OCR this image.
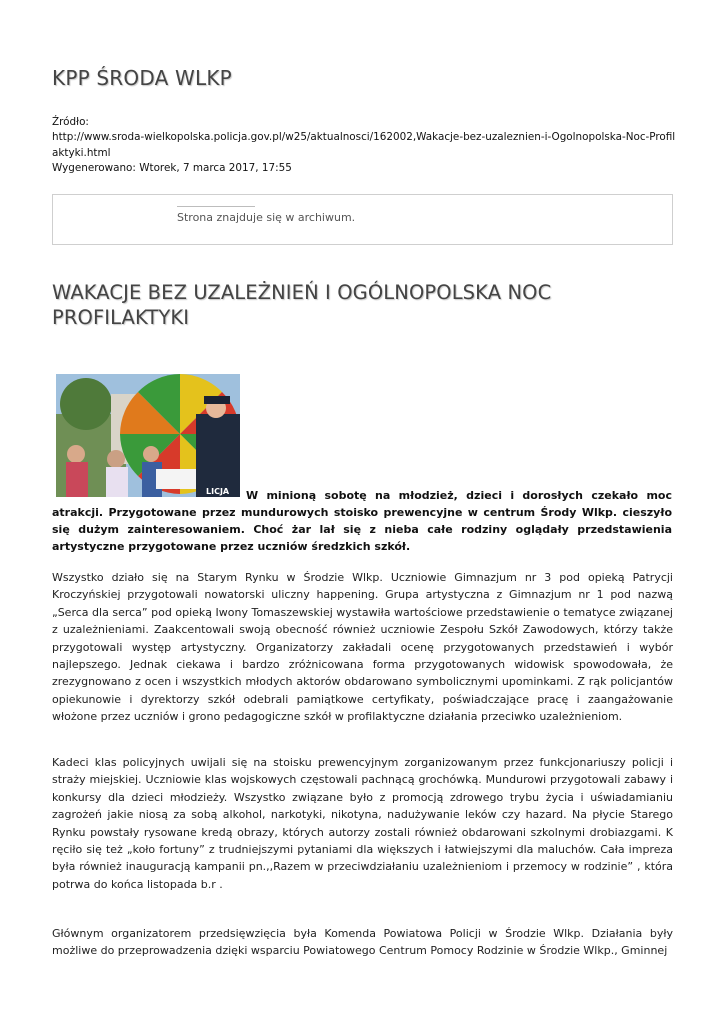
KPP ŚRODA WLKP
Źródło:
http://www.sroda-wielkopolska.policja.gov.pl/w25/aktualnosci/162002,Wakacje-bez-uzaleznien-i-Ogolnopolska-Noc-Profilaktyki.html
Wygenerowano: Wtorek, 7 marca 2017, 17:55
Strona znajduje się w archiwum.
WAKACJE BEZ UZALEŻNIEŃ I OGÓLNOPOLSKA NOC PROFILAKTYKI
LICJA	W minioną sobotę na młodzież, dzieci i dorosłych czekało moc atrakcji. Przygotowane przez mundurowych stoisko prewencyjne w centrum Środy Wlkp. cieszyło się dużym zainteresowaniem. Choć żar lał się z nieba całe rodziny oglądały przedstawienia artystyczne przygotowane przez uczniów średzkich szkół.

Wszystko działo się na Starym Rynku w Środzie Wlkp. Uczniowie Gimnazjum nr 3 pod opieką Patrycji Kroczyńskiej przygotowali nowatorski uliczny happening. Grupa artystyczna z Gimnazjum nr 1 pod nazwą „Serca dla serca” pod opieką Iwony Tomaszewskiej wystawiła wartościowe przedstawienie o tematyce związanej z uzależnieniami. Zaakcentowali swoją obecność również uczniowie Zespołu Szkół Zawodowych, którzy także przygotowali występ artystyczny. Organizatorzy zakładali ocenę przygotowanych przedstawień i wybór najlepszego. Jednak ciekawa i bardzo zróżnicowana forma przygotowanych widowisk spowodowała, że zrezygnowano z ocen i wszystkich młodych aktorów obdarowano symbolicznymi upominkami. Z rąk policjantów opiekunowie i dyrektorzy szkół odebrali pamiątkowe certyfikaty, poświadczające pracę i zaangażowanie włożone przez uczniów i grono pedagogiczne szkół w profilaktyczne działania przeciwko uzależnieniom.

Kadeci klas policyjnych uwijali się na stoisku prewencyjnym zorganizowanym przez funkcjonariuszy policji i straży miejskiej. Uczniowie klas wojskowych częstowali pachnącą grochówką. Mundurowi przygotowali zabawy i konkursy dla dzieci młodzieży. Wszystko związane było z promocją zdrowego trybu życia i uświadamianiu zagrożeń jakie niosą za sobą alkohol, narkotyki, nikotyna, nadużywanie leków czy hazard. Na płycie Starego Rynku powstały rysowane kredą obrazy, których autorzy zostali również obdarowani szkolnymi drobiazgami. K ręciło się też „koło fortuny” z trudniejszymi pytaniami dla większych i łatwiejszymi dla maluchów. Cała impreza była również inauguracją kampanii pn.,,Razem w przeciwdziałaniu uzależnieniom i przemocy w rodzinie” , która potrwa do końca listopada b.r .

Głównym organizatorem przedsięwzięcia była Komenda Powiatowa Policji w Środzie Wlkp. Działania były możliwe do przeprowadzenia dzięki wsparciu Powiatowego Centrum Pomocy Rodzinie w Środzie Wlkp., Gminnej
